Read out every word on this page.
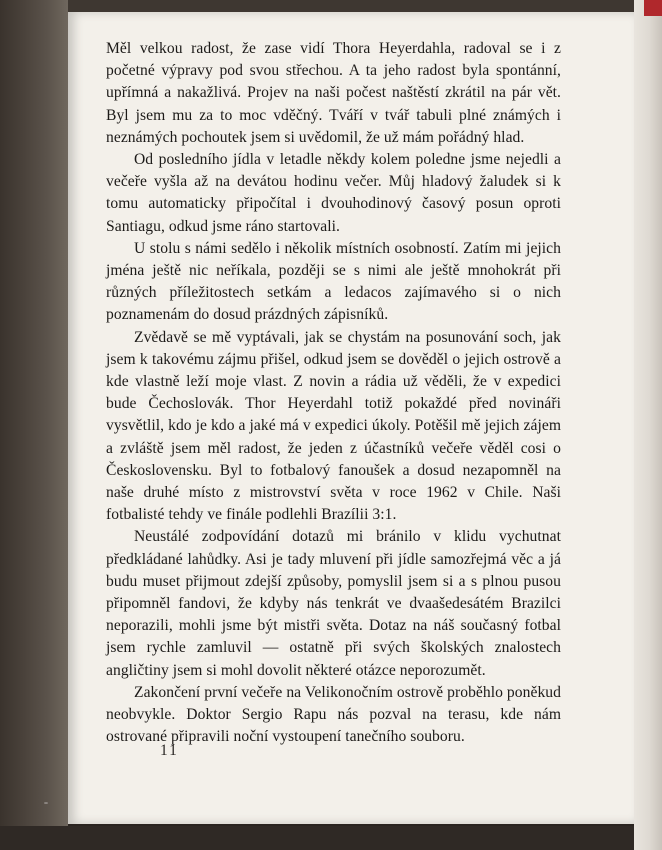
Měl velkou radost, že zase vidí Thora Heyerdahla, radoval se i z početné výpravy pod svou střechou. A ta jeho radost byla spontánní, upřímná a nakažlivá. Projev na naši počest naštěstí zkrátil na pár vět. Byl jsem mu za to moc vděčný. Tváří v tvář tabuli plné známých i neznámých pochoutek jsem si uvědomil, že už mám pořádný hlad.

Od posledního jídla v letadle někdy kolem poledne jsme nejedli a večeře vyšla až na devátou hodinu večer. Můj hladový žaludek si k tomu automaticky připočítal i dvouhodinový časový posun oproti Santiagu, odkud jsme ráno startovali.

U stolu s námi sedělo i několik místních osobností. Zatím mi jejich jména ještě nic neříkala, později se s nimi ale ještě mnohokrát při různých příležitostech setkám a ledacos zajímavého si o nich poznamenám do dosud prázdných zápisníků.

Zvědavě se mě vyptávali, jak se chystám na posunování soch, jak jsem k takovému zájmu přišel, odkud jsem se dověděl o jejich ostrově a kde vlastně leží moje vlast. Z novin a rádia už věděli, že v expedici bude Čechoslovák. Thor Heyerdahl totiž pokaždé před novináři vysvětlil, kdo je kdo a jaké má v expedici úkoly. Potěšil mě jejich zájem a zvláště jsem měl radost, že jeden z účastníků večeře věděl cosi o Československu. Byl to fotbalový fanoušek a dosud nezapomněl na naše druhé místo z mistrovství světa v roce 1962 v Chile. Naši fotbalisté tehdy ve finále podlehli Brazílii 3:1.

Neustálé zodpovídání dotazů mi bránilo v klidu vychutnat předkládané lahůdky. Asi je tady mluvení při jídle samozřejmá věc a já budu muset přijmout zdejší způsoby, pomyslil jsem si a s plnou pusou připomněl fandovi, že kdyby nás tenkrát ve dvaašedesátém Brazilci neporazili, mohli jsme být mistři světa. Dotaz na náš současný fotbal jsem rychle zamluvil — ostatně při svých školských znalostech angličtiny jsem si mohl dovolit některé otázce neporozumět.

Zakončení první večeře na Velikonočním ostrově proběhlo poněkud neobvykle. Doktor Sergio Rapu nás pozval na terasu, kde nám ostrované připravili noční vystoupení tanečního souboru.

11
